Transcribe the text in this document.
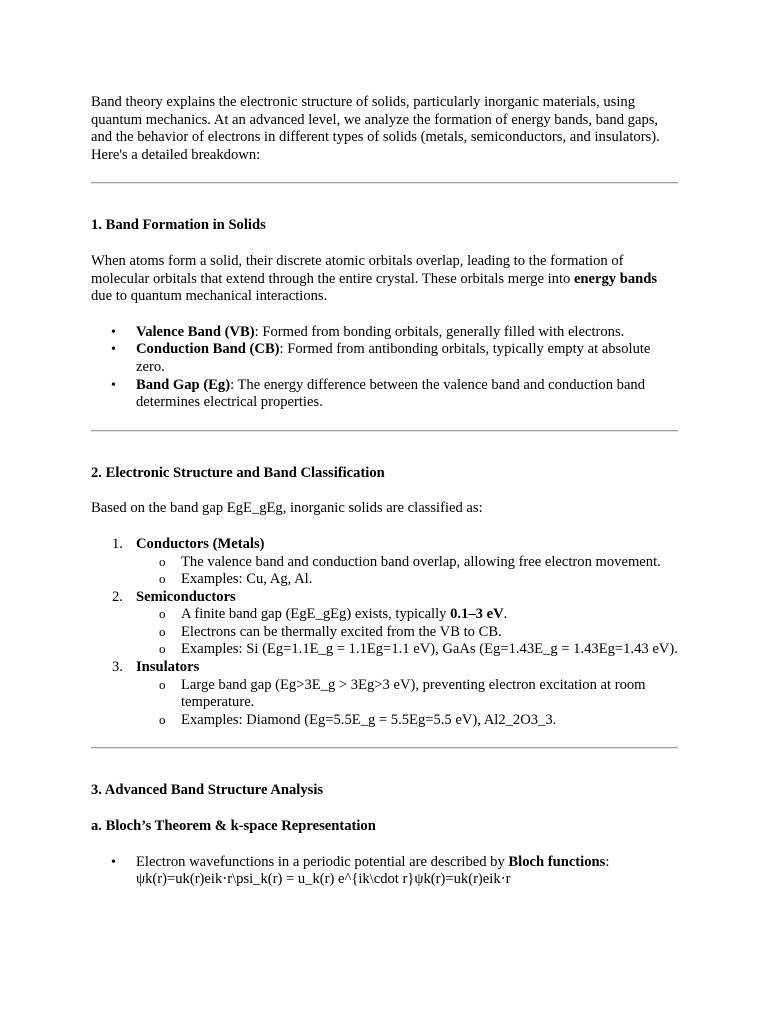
Band theory explains the electronic structure of solids, particularly inorganic materials, using quantum mechanics. At an advanced level, we analyze the formation of energy bands, band gaps, and the behavior of electrons in different types of solids (metals, semiconductors, and insulators). Here's a detailed breakdown:

1. Band Formation in Solids

When atoms form a solid, their discrete atomic orbitals overlap, leading to the formation of molecular orbitals that extend through the entire crystal. These orbitals merge into energy bands due to quantum mechanical interactions.

• Valence Band (VB): Formed from bonding orbitals, generally filled with electrons.
• Conduction Band (CB): Formed from antibonding orbitals, typically empty at absolute zero.
• Band Gap (Eg): The energy difference between the valence band and conduction band determines electrical properties.
2. Electronic Structure and Band Classification

Based on the band gap EgE_gEg, inorganic solids are classified as:

1. Conductors (Metals)
o The valence band and conduction band overlap, allowing free electron movement.
o Examples: Cu, Ag, Al.
2. Semiconductors
o A finite band gap (EgE_gEg) exists, typically 0.1–3 eV.
o Electrons can be thermally excited from the VB to CB.
o Examples: Si (Eg=1.1E_g = 1.1Eg=1.1 eV), GaAs (Eg=1.43E_g = 1.43Eg=1.43 eV).
3. Insulators
o Large band gap (Eg>3E_g > 3Eg>3 eV), preventing electron excitation at room temperature.
o Examples: Diamond (Eg=5.5E_g = 5.5Eg=5.5 eV), Al2_2O3_3.
3. Advanced Band Structure Analysis
a. Bloch’s Theorem & k-space Representation
• Electron wavefunctions in a periodic potential are described by Bloch functions:
ψk(r)=uk(r)eik⋅r\psi_k(r) = u_k(r) e^{ik\cdot r}ψk(r)=uk(r)eik⋅r
